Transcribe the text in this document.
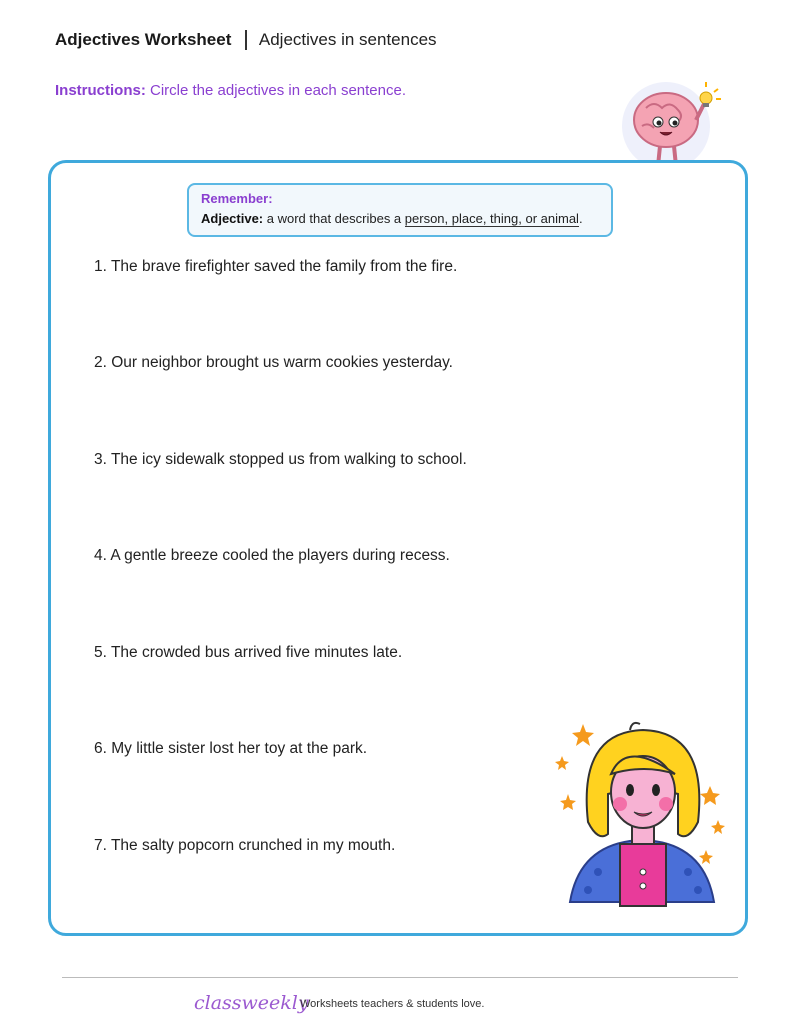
Adjectives Worksheet Adjectives in sentences
Instructions: Circle the adjectives in each sentence.
Remember:
Adjective: a word that describes a person, place, thing, or animal.
1. The brave firefighter saved the family from the fire.
2. Our neighbor brought us warm cookies yesterday.
3. The icy sidewalk stopped us from walking to school.
4. A gentle breeze cooled the players during recess.
5. The crowded bus arrived five minutes late.
6. My little sister lost her toy at the park.
7. The salty popcorn crunched in my mouth.
classweekly
Worksheets teachers & students love.
